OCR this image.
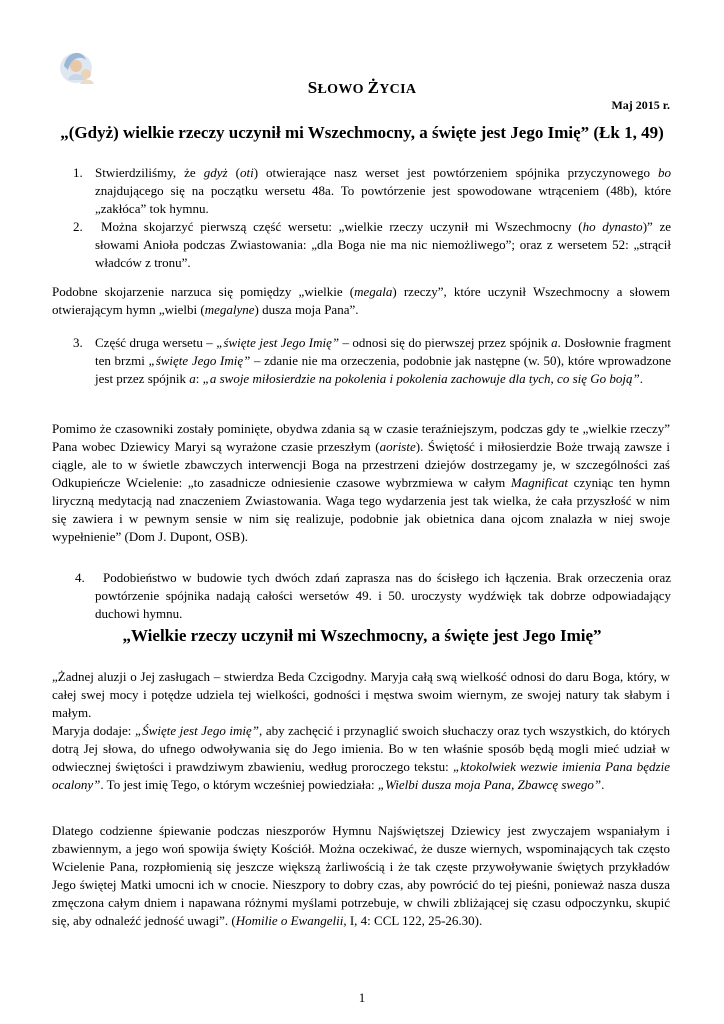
SŁOWO ŻYCIA
Maj 2015 r.
„(Gdyż) wielkie rzeczy uczynił mi Wszechmocny, a święte jest Jego Imię” (Łk 1, 49)
1. Stwierdziliśmy, że gdyż (oti) otwierające nasz werset jest powtórzeniem spójnika przyczynowego bo znajdującego się na początku wersetu 48a. To powtórzenie jest spowodowane wtrąceniem (48b), które „zakłóca” tok hymnu.
2.	Można skojarzyć pierwszą część wersetu: „wielkie rzeczy uczynił mi Wszechmocny (ho dynasto)” ze słowami Anioła podczas Zwiastowania: „dla Boga nie ma nic niemożliwego”; oraz z wersetem 52: „strącił władców z tronu”.
Podobne skojarzenie narzuca się pomiędzy „wielkie (megala) rzeczy”, które uczynił Wszechmocny a słowem otwierającym hymn „wielbi (megalyne) dusza moja Pana”.
3. Część druga wersetu – „święte jest Jego Imię” – odnosi się do pierwszej przez spójnik a. Dosłownie fragment ten brzmi „święte Jego Imię” – zdanie nie ma orzeczenia, podobnie jak następne (w. 50), które wprowadzone jest przez spójnik a: „a swoje miłosierdzie na pokolenia i pokolenia zachowuje dla tych, co się Go boją”.
Pomimo że czasowniki zostały pominięte, obydwa zdania są w czasie teraźniejszym, podczas gdy te „wielkie rzeczy” Pana wobec Dziewicy Maryi są wyrażone czasie przeszłym (aoriste). Świętość i miłosierdzie Boże trwają zawsze i ciągle, ale to w świetle zbawczych interwencji Boga na przestrzeni dziejów dostrzegamy je, w szczególności zaś Odkupieńcze Wcielenie: „to zasadnicze odniesienie czasowe wybrzmiewa w całym Magnificat czyniąc ten hymn liryczną medytacją nad znaczeniem Zwiastowania. Waga tego wydarzenia jest tak wielka, że cała przyszłość w nim się zawiera i w pewnym sensie w nim się realizuje, podobnie jak obietnica dana ojcom znalazła w niej swoje wypełnienie” (Dom J. Dupont, OSB).
4.	Podobieństwo w budowie tych dwóch zdań zaprasza nas do ścisłego ich łączenia. Brak orzeczenia oraz powtórzenie spójnika nadają całości wersetów 49. i 50. uroczysty wydźwięk tak dobrze odpowiadający duchowi hymnu.
„Wielkie rzeczy uczynił mi Wszechmocny, a święte jest Jego Imię”
„Żadnej aluzji o Jej zasługach – stwierdza Beda Czcigodny. Maryja całą swą wielkość odnosi do daru Boga, który, w całej swej mocy i potędze udziela tej wielkości, godności i męstwa swoim wiernym, ze swojej natury tak słabym i małym.
Maryja dodaje: „Święte jest Jego imię”, aby zachęcić i przynaglić swoich słuchaczy oraz tych wszystkich, do których dotrą Jej słowa, do ufnego odwoływania się do Jego imienia. Bo w ten właśnie sposób będą mogli mieć udział w odwiecznej świętości i prawdziwym zbawieniu, według proroczego tekstu: „ktokolwiek wezwie imienia Pana będzie ocalony”. To jest imię Tego, o którym wcześniej powiedziała: „Wielbi dusza moja Pana, Zbawcę swego”.
Dlatego codzienne śpiewanie podczas nieszporów Hymnu Najświętszej Dziewicy jest zwyczajem wspaniałym i zbawiennym, a jego woń spowija święty Kościół. Można oczekiwać, że dusze wiernych, wspominających tak często Wcielenie Pana, rozpłomienią się jeszcze większą żarliwością i że tak częste przywoływanie świętych przykładów Jego świętej Matki umocni ich w cnocie. Nieszpory to dobry czas, aby powrócić do tej pieśni, ponieważ nasza dusza zmęczona całym dniem i napawana różnymi myślami potrzebuje, w chwili zbliżającej się czasu odpoczynku, skupić się, aby odnaleźć jedność uwagi”. (Homilie o Ewangelii, I, 4: CCL 122, 25-26.30).
1
